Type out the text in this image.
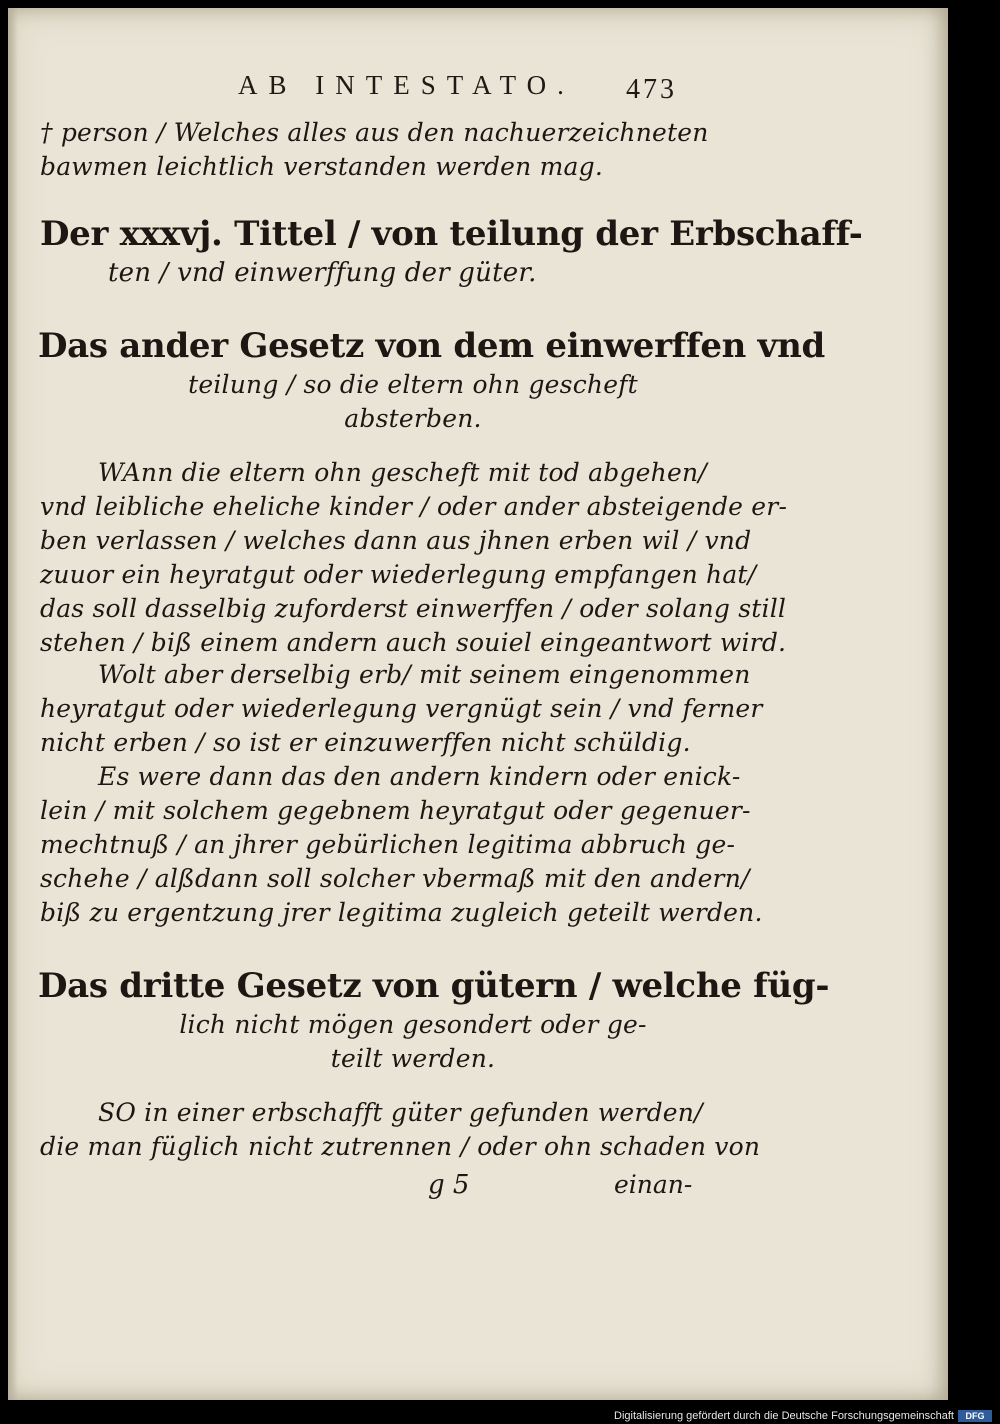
AB INTESTATO. 473
† person / Welches alles aus den nachuerzeichneten
bawmen leichtlich verstanden werden mag.
Der xxxvj. Tittel / von teilung der Erbschaff-
ten / vnd einwerffung der güter.
Das ander Gesetz von dem einwerffen vnd
teilung / so die eltern ohn gescheft
absterben.
WAnn die eltern ohn gescheft mit tod abgehen/
vnd leibliche eheliche kinder / oder ander absteigende er-
ben verlassen / welches dann aus jhnen erben wil / vnd
zuuor ein heyratgut oder wiederlegung empfangen hat/
das soll dasselbig zuforderst einwerffen / oder solang still
stehen / biß einem andern auch souiel eingeantwort wird.
Wolt aber derselbig erb/ mit seinem eingenommen
heyratgut oder wiederlegung vergnügt sein / vnd ferner
nicht erben / so ist er einzuwerffen nicht schüldig.
Es were dann das den andern kindern oder enick-
lein / mit solchem gegebnem heyratgut oder gegenuer-
mechtnuß / an jhrer gebürlichen legitima abbruch ge-
schehe / alßdann soll solcher vbermaß mit den andern/
biß zu ergentzung jrer legitima zugleich geteilt werden.
Das dritte Gesetz von gütern / welche füg-
lich nicht mögen gesondert oder ge-
teilt werden.
SO in einer erbschafft güter gefunden werden/
die man füglich nicht zutrennen / oder ohn schaden von
g 5	einan-
Digitalisierung gefördert durch die Deutsche Forschungsgemeinschaft	DFG
